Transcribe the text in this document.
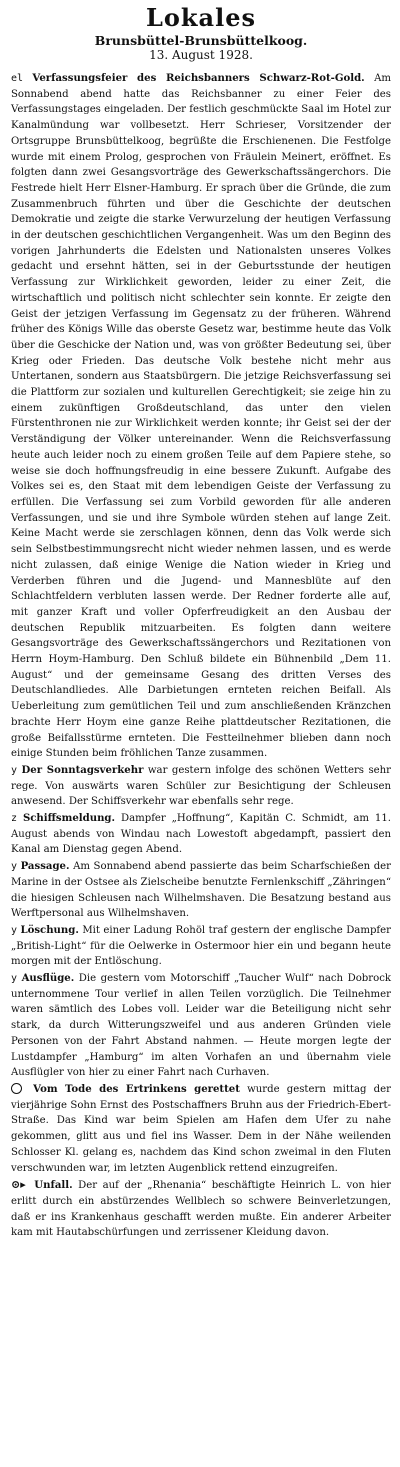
Lokales
Brunsbüttel-Brunsbüttelkoog.
13. August 1928.

el Verfassungsfeier des Reichsbanners Schwarz-Rot-Gold. Am Sonnabend abend hatte das Reichsbanner zu einer Feier des Verfassungstages eingeladen. Der festlich geschmückte Saal im Hotel zur Kanalmündung war vollbesetzt. Herr Schrieser, Vorsitzender der Ortsgruppe Brunsbüttelkoog, begrüßte die Erschienenen. Die Festfolge wurde mit einem Prolog, gesprochen von Fräulein Meinert, eröffnet. Es folgten dann zwei Gesangsvorträge des Gewerkschaftssängerchors. Die Festrede hielt Herr Elsner-Hamburg. Er sprach über die Gründe, die zum Zusammenbruch führten und über die Geschichte der deutschen Demokratie und zeigte die starke Verwurzelung der heutigen Verfassung in der deutschen geschichtlichen Vergangenheit. Was um den Beginn des vorigen Jahrhunderts die Edelsten und Nationalsten unseres Volkes gedacht und ersehnt hätten, sei in der Geburtsstunde der heutigen Verfassung zur Wirklichkeit geworden, leider zu einer Zeit, die wirtschaftlich und politisch nicht schlechter sein konnte. Er zeigte den Geist der jetzigen Verfassung im Gegensatz zu der früheren. Während früher des Königs Wille das oberste Gesetz war, bestimme heute das Volk über die Geschicke der Nation und, was von größter Bedeutung sei, über Krieg oder Frieden. Das deutsche Volk bestehe nicht mehr aus Untertanen, sondern aus Staatsbürgern. Die jetzige Reichsverfassung sei die Plattform zur sozialen und kulturellen Gerechtigkeit; sie zeige hin zu einem zukünftigen Großdeutschland, das unter den vielen Fürstenthronen nie zur Wirklichkeit werden konnte; ihr Geist sei der der Verständigung der Völker untereinander. Wenn die Reichsverfassung heute auch leider noch zu einem großen Teile auf dem Papiere stehe, so weise sie doch hoffnungsfreudig in eine bessere Zukunft. Aufgabe des Volkes sei es, den Staat mit dem lebendigen Geiste der Verfassung zu erfüllen. Die Verfassung sei zum Vorbild geworden für alle anderen Verfassungen, und sie und ihre Symbole würden stehen auf lange Zeit. Keine Macht werde sie zerschlagen können, denn das Volk werde sich sein Selbstbestimmungsrecht nicht wieder nehmen lassen, und es werde nicht zulassen, daß einige Wenige die Nation wieder in Krieg und Verderben führen und die Jugend- und Mannesblüte auf den Schlachtfeldern verbluten lassen werde. Der Redner forderte alle auf, mit ganzer Kraft und voller Opferfreudigkeit an den Ausbau der deutschen Republik mitzuarbeiten. Es folgten dann weitere Gesangsvorträge des Gewerkschaftssängerchors und Rezitationen von Herrn Hoym-Hamburg. Den Schluß bildete ein Bühnenbild „Dem 11. August“ und der gemeinsame Gesang des dritten Verses des Deutschlandliedes. Alle Darbietungen ernteten reichen Beifall. Als Ueberleitung zum gemütlichen Teil und zum anschließenden Kränzchen brachte Herr Hoym eine ganze Reihe plattdeutscher Rezitationen, die große Beifallsstürme ernteten. Die Festteilnehmer blieben dann noch einige Stunden beim fröhlichen Tanze zusammen.

y Der Sonntagsverkehr war gestern infolge des schönen Wetters sehr rege. Von auswärts waren Schüler zur Besichtigung der Schleusen anwesend. Der Schiffsverkehr war ebenfalls sehr rege.

z Schiffsmeldung. Dampfer „Hoffnung“, Kapitän C. Schmidt, am 11. August abends von Windau nach Lowestoft abgedampft, passiert den Kanal am Dienstag gegen Abend.

y Passage. Am Sonnabend abend passierte das beim Scharfschießen der Marine in der Ostsee als Zielscheibe benutzte Fernlenkschiff „Zähringen“ die hiesigen Schleusen nach Wilhelmshaven. Die Besatzung bestand aus Werftpersonal aus Wilhelmshaven.

y Löschung. Mit einer Ladung Rohöl traf gestern der englische Dampfer „British-Light“ für die Oelwerke in Ostermoor hier ein und begann heute morgen mit der Entlöschung.

y Ausflüge. Die gestern vom Motorschiff „Taucher Wulf“ nach Dobrock unternommene Tour verlief in allen Teilen vorzüglich. Die Teilnehmer waren sämtlich des Lobes voll. Leider war die Beteiligung nicht sehr stark, da durch Witterungszweifel und aus anderen Gründen viele Personen von der Fahrt Abstand nahmen. — Heute morgen legte der Lustdampfer „Hamburg“ im alten Vorhafen an und übernahm viele Ausflügler von hier zu einer Fahrt nach Curhaven.

Vom Tode des Ertrinkens gerettet wurde gestern mittag der vierjährige Sohn Ernst des Postschaffners Bruhn aus der Friedrich-Ebert-Straße. Das Kind war beim Spielen am Hafen dem Ufer zu nahe gekommen, glitt aus und fiel ins Wasser. Dem in der Nähe weilenden Schlosser Kl. gelang es, nachdem das Kind schon zweimal in den Fluten verschwunden war, im letzten Augenblick rettend einzugreifen.

⊙▸ Unfall. Der auf der „Rhenania“ beschäftigte Heinrich L. von hier erlitt durch ein abstürzendes Wellblech so schwere Beinverletzungen, daß er ins Krankenhaus geschafft werden mußte. Ein anderer Arbeiter kam mit Hautabschürfungen und zerrissener Kleidung davon.
